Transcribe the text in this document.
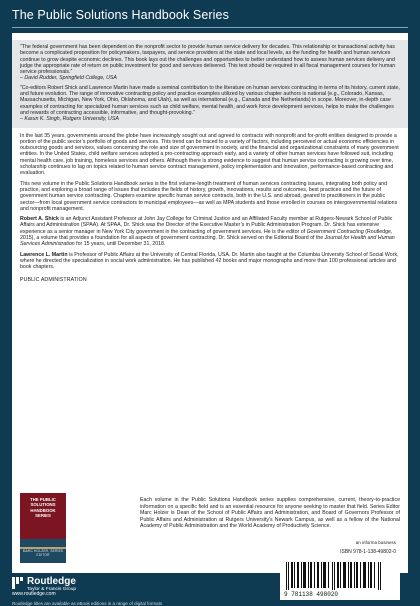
The Public Solutions Handbook Series

“The federal government has been dependent on the nonprofit sector to provide human service delivery for decades. This relationship or transactional activity has become a complicated proposition for policymakers, taxpayers, and service providers at the state and local levels, as the funding for health and human services continue to grow despite economic declines. This book lays out the challenges and opportunities to better understand how to assess human services delivery and judge the appropriate rate of return on public investment for good and services delivered. This text should be required in all fiscal management courses for human service professionals.”
– David Rudder, Springfield College, USA

“Co-editors Robert Shick and Lawrence Martin have made a seminal contribution to the literature on human services contracting in terms of its history, current state, and future evolution. The range of innovative contracting policy and practice examples utilized by various chapter authors is national (e.g., Colorado, Kansas, Massachusetts, Michigan, New York, Ohio, Oklahoma, and Utah), as well as international (e.g., Canada and the Netherlands) in scope. Moreover, in-depth case examples of contracting for specialized human services such as child welfare, mental health, and work force development services, helps to make the challenges and rewards of contracting accessible, informative, and thought-provoking.”
– Karun K. Singh, Rutgers University, USA

In the last 35 years, governments around the globe have increasingly sought out and agreed to contracts with nonprofit and for-profit entities designed to provide a portion of the public sector’s portfolio of goods and services. This trend can be traced to a variety of factors, including perceived or actual economic efficiencies in outsourcing goods and services, values concerning the role and size of government in society, and the financial and organizational constraints of many government entities. In the United States, child welfare services adopted a pro-contracting approach early, and a variety of other human services have followed suit, including mental health care, job training, homeless services and others. Although there is strong evidence to suggest that human service contracting is growing over time, scholarship continues to lag on topics related to human service contract management, policy implementation and innovation, performance-based contracting and evaluation.

This new volume in the Public Solutions Handbook series is the first volume-length treatment of human services contracting issues, integrating both policy and practice, and exploring a broad range of issues that includes the fields of history, growth, innovations, results and outcomes, best practices and the future of government human service contracting. Chapters examine specific human service contracts, both in the U.S. and abroad, geared to practitioners in the public sector—from local government service contractors to municipal employees—as well as MPA students and those enrolled in courses on intergovernmental relations and nonprofit management.

Robert A. Shick is an Adjunct Assistant Professor at John Jay College for Criminal Justice and an Affiliated Faculty member at Rutgers-Newark School of Public Affairs and Administration (SPAA). At SPAA, Dr. Shick was the Director of the Executive Master’s in Public Administration Program. Dr. Shick has extensive experience as a senior manager in New York City government in the contracting of government services. He is the editor of Government Contracting (Routledge, 2015), a volume that provides a foundation for all aspects of government contracting. Dr. Shick served on the Editorial Board of the Journal for Health and Human Services Administration for 15 years, until December 31, 2018.

Lawrence L. Martin is Professor of Public Affairs at the University of Central Florida, USA. Dr. Martin also taught at the Columbia University School of Social Work, where he directed the specialization in social work administration. He has published 42 books and major monographs and more than 100 professional articles and book chapters.

PUBLIC ADMINISTRATION
THE PUBLIC SOLUTIONS HANDBOOK SERIES
MARC HOLZER, SERIES EDITOR
Each volume in the Public Solutions Handbook series supplies comprehensive, current, theory-to-practice information on a specific field and is an essential resource for anyone seeking to master that field. Series Editor Marc Holzer is Dean of the School of Public Affairs and Administration, and Board of Governors Professor of Public Affairs and Administration at Rutgers University’s Newark Campus, as well as a fellow of the National Academy of Public Administration and the World Academy of Productivity Science.
an informa business
ISBN 978-1-138-49802-0
9 781138 498020
Routledge
Taylor & Francis Group
www.routledge.com
Routledge titles are available as eBook editions in a range of digital formats
